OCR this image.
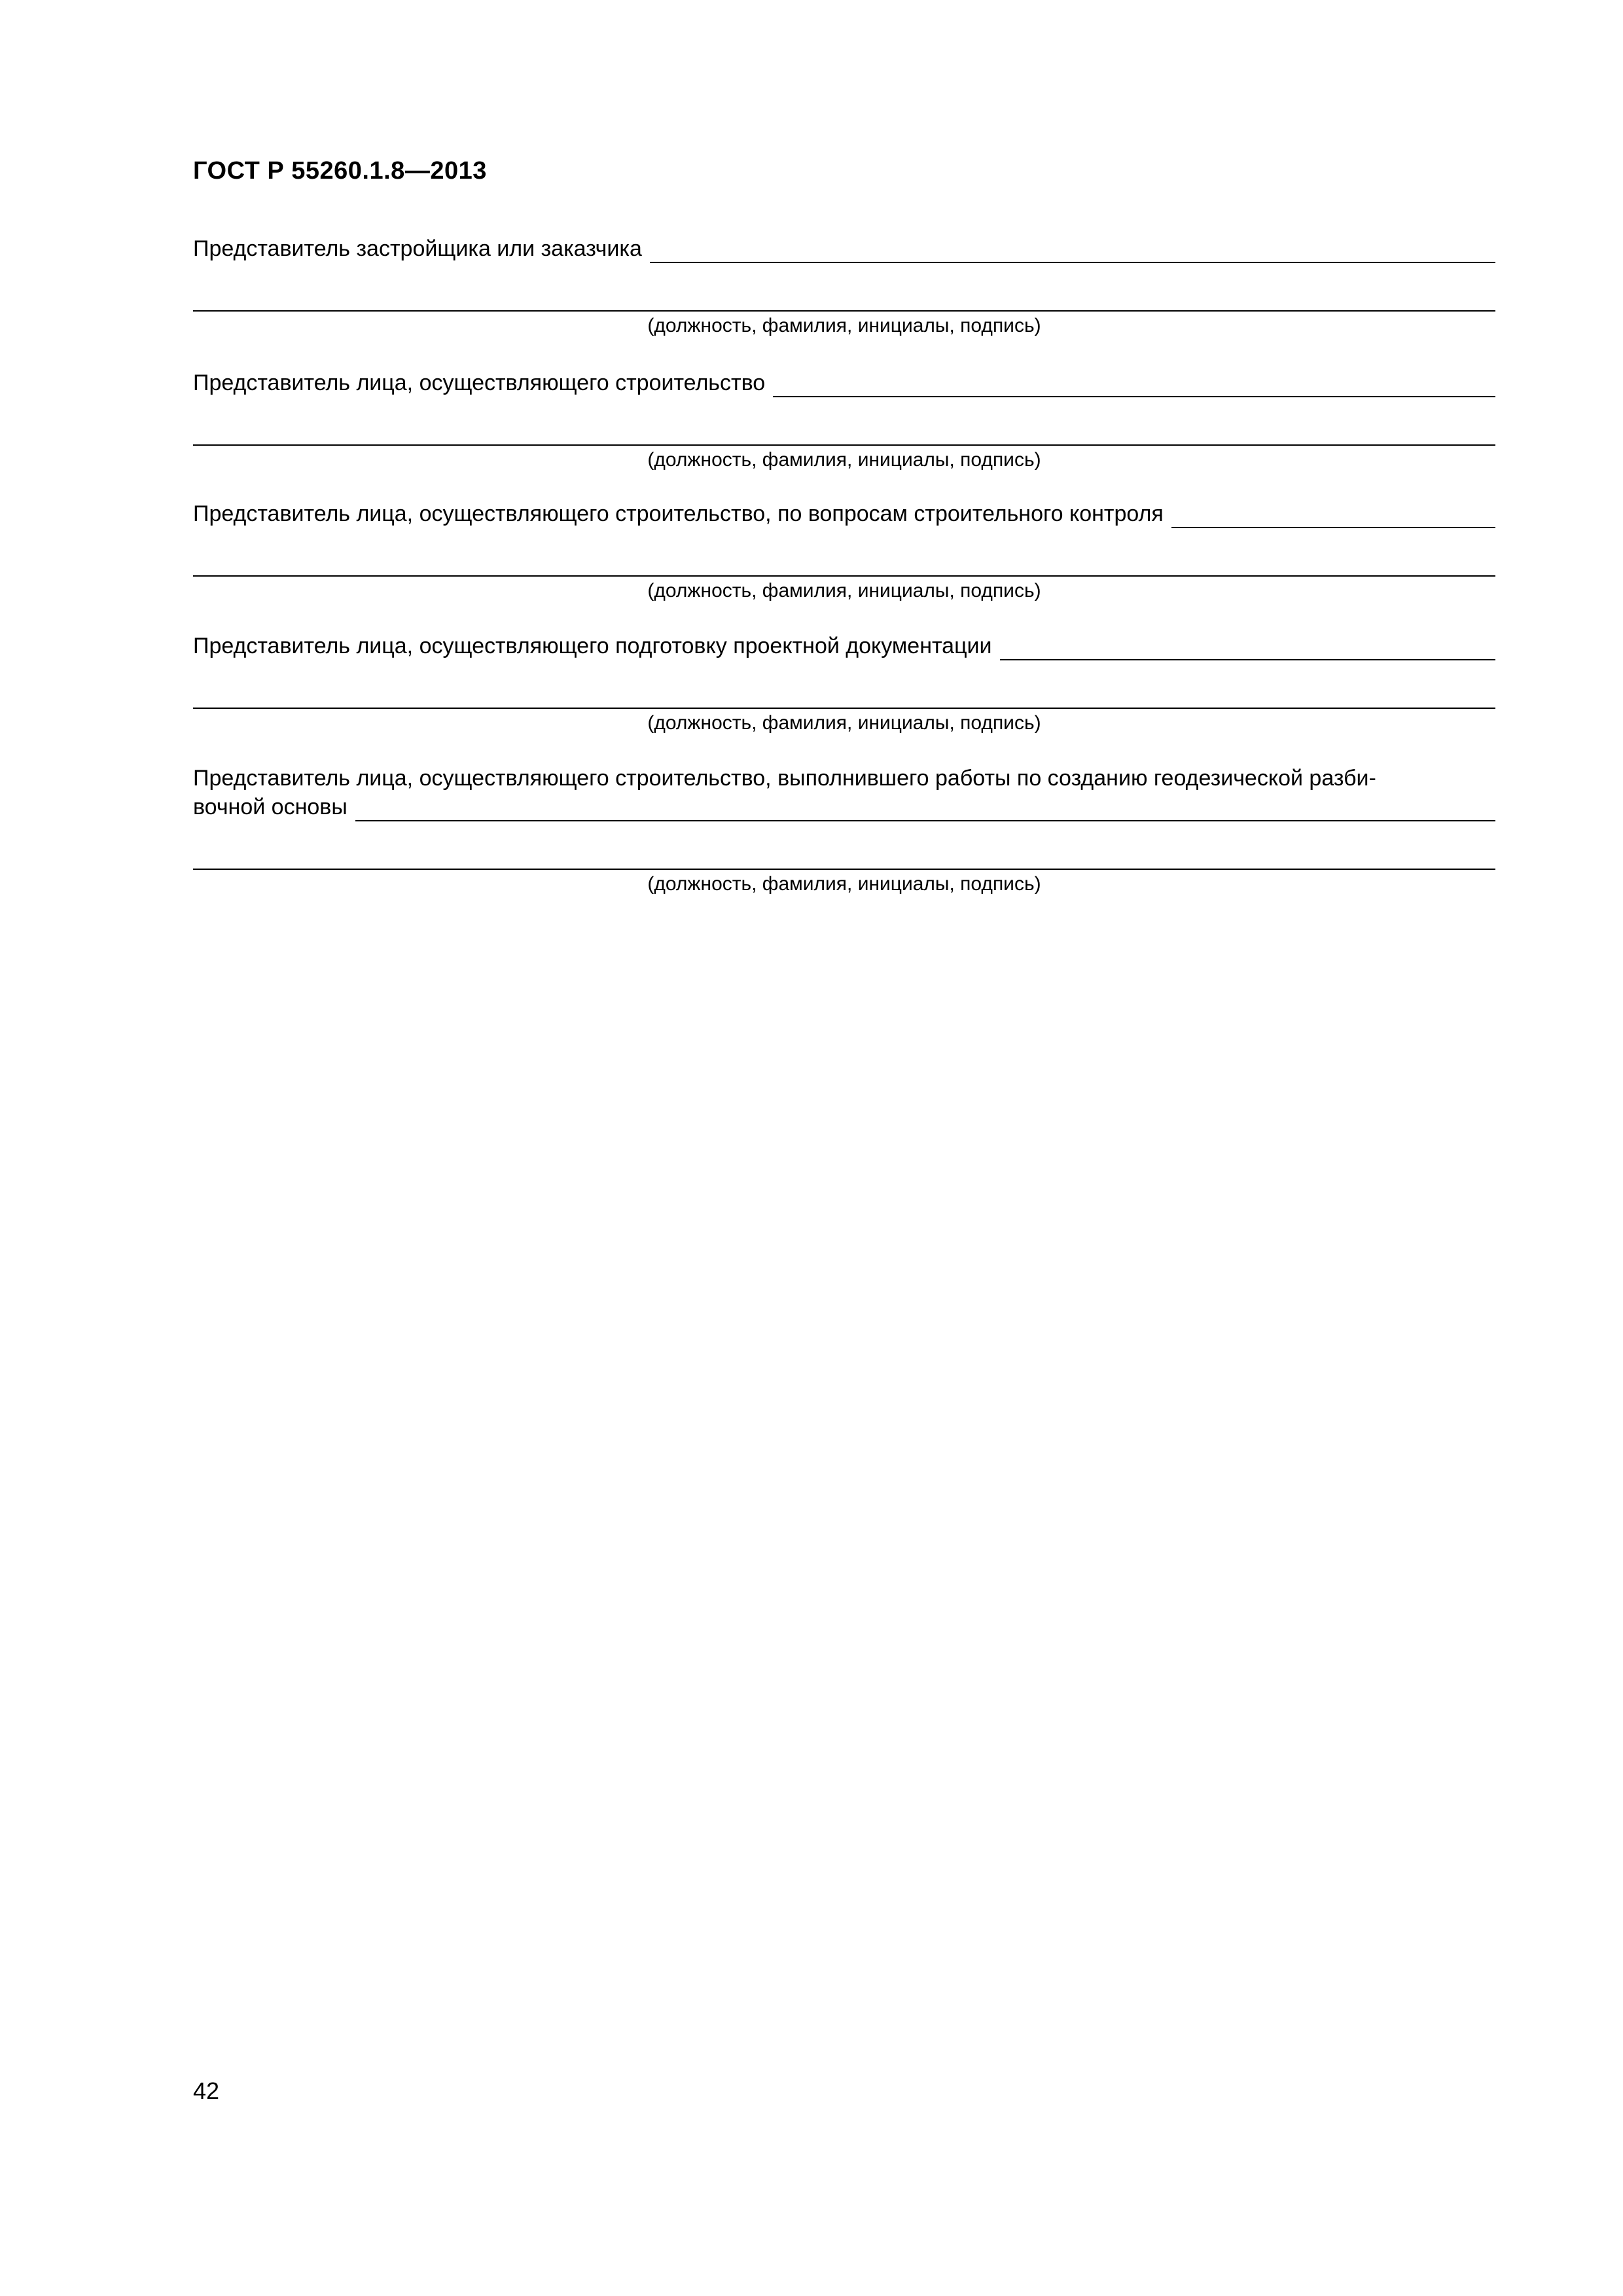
ГОСТ Р 55260.1.8—2013
Представитель застройщика или заказчика
(должность, фамилия, инициалы, подпись)
Представитель лица, осуществляющего строительство
(должность, фамилия, инициалы, подпись)
Представитель лица, осуществляющего строительство, по вопросам строительного контроля
(должность, фамилия, инициалы, подпись)
Представитель лица, осуществляющего подготовку проектной документации
(должность, фамилия, инициалы, подпись)
Представитель лица, осуществляющего строительство, выполнившего работы по созданию геодезической разби-
вочной основы
(должность, фамилия, инициалы, подпись)
42
